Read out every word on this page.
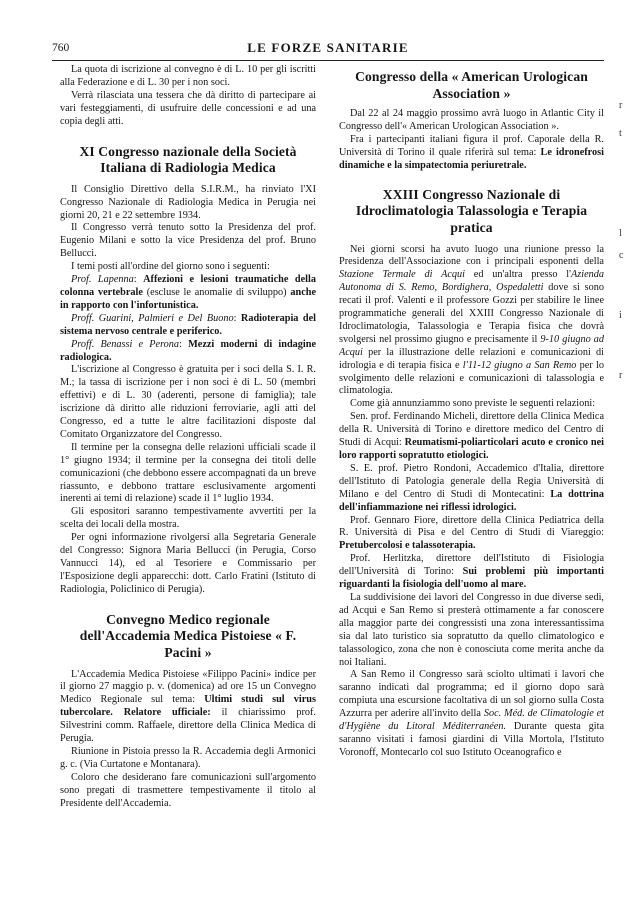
760	LE FORZE SANITARIE

La quota di iscrizione al convegno è di L. 10 per gli iscritti alla Federazione e di L. 30 per i non soci.

Verrà rilasciata una tessera che dà diritto di partecipare ai vari festeggiamenti, di usufruire delle concessioni e ad una copia degli atti.

XI Congresso nazionale della Società Italiana di Radiologia Medica

Il Consiglio Direttivo della S.I.R.M., ha rinviato l'XI Congresso Nazionale di Radiologia Medica in Perugia nei giorni 20, 21 e 22 settembre 1934.

Il Congresso verrà tenuto sotto la Presidenza del prof. Eugenio Milani e sotto la vice Presidenza del prof. Bruno Bellucci.

I temi posti all'ordine del giorno sono i seguenti:

Prof. Lapenna: Affezioni e lesioni traumatiche della colonna vertebrale (escluse le anomalie di sviluppo) anche in rapporto con l'infortunistica.

Proff. Guarini, Palmieri e Del Buono: Radioterapia del sistema nervoso centrale e periferico.

Proff. Benassi e Perona: Mezzi moderni di indagine radiologica.

L'iscrizione al Congresso è gratuita per i soci della S. I. R. M.; la tassa di iscrizione per i non soci è di L. 50 (membri effettivi) e di L. 30 (aderenti, persone di famiglia); tale iscrizione dà diritto alle riduzioni ferroviarie, agli atti del Congresso, ed a tutte le altre facilitazioni disposte dal Comitato Organizzatore del Congresso.

Il termine per la consegna delle relazioni ufficiali scade il 1° giugno 1934; il termine per la consegna dei titoli delle comunicazioni (che debbono essere accompagnati da un breve riassunto, e debbono trattare esclusivamente argomenti inerenti ai temi di relazione) scade il 1° luglio 1934.

Gli espositori saranno tempestivamente avvertiti per la scelta dei locali della mostra.

Per ogni informazione rivolgersi alla Segretaria Generale del Congresso: Signora Maria Bellucci (in Perugia, Corso Vannucci 14), ed al Tesoriere e Commissario per l'Esposizione degli apparecchi: dott. Carlo Fratini (Istituto di Radiologia, Policlinico di Perugia).

Convegno Medico regionale dell'Accademia Medica Pistoiese « F. Pacini »

L'Accademia Medica Pistoiese «Filippo Pacini» indice per il giorno 27 maggio p. v. (domenica) ad ore 15 un Convegno Medico Regionale sul tema: Ultimi studi sul virus tubercolare. Relatore ufficiale: il chiarissimo prof. Silvestrini comm. Raffaele, direttore della Clinica Medica di Perugia.

Riunione in Pistoia presso la R. Accademia degli Armonici g. c. (Via Curtatone e Montanara).

Coloro che desiderano fare comunicazioni sull'argomento sono pregati di trasmettere tempestivamente il titolo al Presidente dell'Accademia.

Congresso della « American Urologican Association »

Dal 22 al 24 maggio prossimo avrà luogo in Atlantic City il Congresso dell'« American Urologican Association ».

Fra i partecipanti italiani figura il prof. Caporale della R. Università di Torino il quale riferirà sul tema: Le idronefrosi dinamiche e la simpatectomia periuretrale.

XXIII Congresso Nazionale di Idroclimatologia Talassologia e Terapia pratica

Nei giorni scorsi ha avuto luogo una riunione presso la Presidenza dell'Associazione con i principali esponenti della Stazione Termale di Acqui ed un'altra presso l'Azienda Autonoma di S. Remo, Bordighera, Ospedaletti dove si sono recati il prof. Valenti e il professore Gozzi per stabilire le linee programmatiche generali del XXIII Congresso Nazionale di Idroclimatologia, Talassologia e Terapia fisica che dovrà svolgersi nel prossimo giugno e precisamente il 9-10 giugno ad Acqui per la illustrazione delle relazioni e comunicazioni di idrologia e di terapia fisica e l'11-12 giugno a San Remo per lo svolgimento delle relazioni e comunicazioni di talassologia e climatologia.

Come già annunziammo sono previste le seguenti relazioni:

Sen. prof. Ferdinando Micheli, direttore della Clinica Medica della R. Università di Torino e direttore medico del Centro di Studi di Acqui: Reumatismi-poliarticolari acuto e cronico nei loro rapporti sopratutto etiologici.

S. E. prof. Pietro Rondoni, Accademico d'Italia, direttore dell'Istituto di Patologia generale della Regia Università di Milano e del Centro di Studi di Montecatini: La dottrina dell'infiammazione nei riflessi idrologici.

Prof. Gennaro Fiore, direttore della Clinica Pediatrica della R. Università di Pisa e del Centro di Studi di Viareggio: Pretubercolosi e talassoterapia.

Prof. Herlitzka, direttore dell'Istituto di Fisiologia dell'Università di Torino: Sui problemi più importanti riguardanti la fisiologia dell'uomo al mare.

La suddivisione dei lavori del Congresso in due diverse sedi, ad Acqui e San Remo si presterà ottimamente a far conoscere alla maggior parte dei congressisti una zona interessantissima sia dal lato turistico sia sopratutto da quello climatologico e talassologico, zona che non è conosciuta come merita anche da noi Italiani.

A San Remo il Congresso sarà sciolto ultimati i lavori che saranno indicati dal programma; ed il giorno dopo sarà compiuta una escursione facoltativa di un sol giorno sulla Costa Azzurra per aderire all'invito della Soc. Méd. de Climatologie et d'Hygiène du Litoral Méditerranéen. Durante questa gita saranno visitati i famosi giardini di Villa Mortola, l'Istituto Voronoff, Montecarlo col suo Istituto Oceanografico e

r
t
l
c
i
r
